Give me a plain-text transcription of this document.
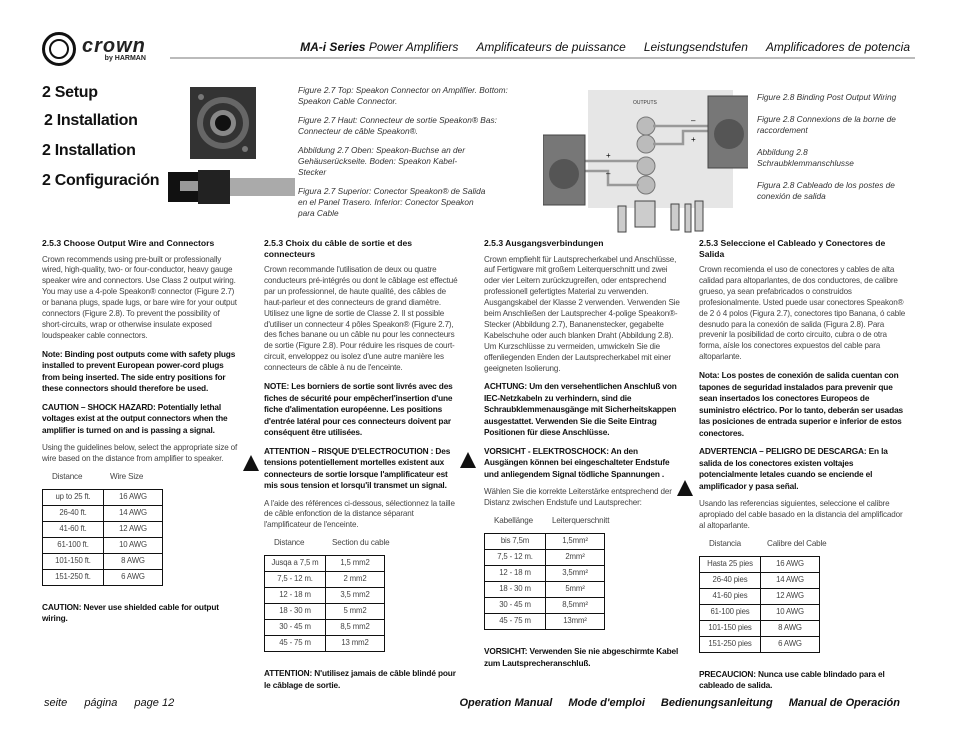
crown
by HARMAN
MA-i Series Power Amplifiers Amplificateurs de puissance Leistungsendstufen Amplificadores de potencia
2 Setup
2 Installation
2 Installation
2 Configuración
Figure 2.7 Top: Speakon Connector on Amplifier. Bottom: Speakon Cable Connector.
Figure 2.7 Haut: Connecteur de sortie Speakon® Bas: Connecteur de câble Speakon®.
Abbildung 2.7 Oben: Speakon-Buchse an der Gehäuserückseite. Boden: Speakon Kabel-Stecker
Figura 2.7 Superior: Conector Speakon® de Salida en el Panel Trasero. Inferior: Conector Speakon para Cable
OUTPUTS
+
–
–
+
Figure 2.8 Binding Post Output Wiring
Figure 2.8 Connexions de la borne de raccordement
Abbildung 2.8 Schraubklemmanschlusse
Figura 2.8 Cableado de los postes de conexión de salida
2.5.3 Choose Output Wire and Connectors

Crown recommends using pre-built or professionally wired, high-quality, two- or four-conductor, heavy gauge speaker wire and connectors. Use Class 2 output wiring. You may use a 4-pole Speakon® connector (Figure 2.7) or banana plugs, spade lugs, or bare wire for your output connectors (Figure 2.8). To prevent the possibility of short-circuits, wrap or otherwise insulate exposed loudspeaker cable connectors.

Note: Binding post outputs come with safety plugs installed to prevent European power-cord plugs from being inserted. The side entry positions for these connectors should therefore be used.

CAUTION – SHOCK HAZARD: Potentially lethal voltages exist at the output connectors when the amplifier is turned on and is passing a signal.

Using the guidelines below, select the appropriate size of wire based on the distance from amplifier to speaker.

Distance	Wire Size
up to 25 ft.	16 AWG
26-40 ft.	14 AWG
41-60 ft.	12 AWG
61-100 ft.	10 AWG
101-150 ft.	8 AWG
151-250 ft.	6 AWG

CAUTION: Never use shielded cable for output wiring.

2.5.3 Choix du câble de sortie et des connecteurs

Crown recommande l'utilisation de deux ou quatre conducteurs pré-intégrés ou dont le câblage est effectué par un professionnel, de haute qualité, des câbles de haut-parleur et des connecteurs de grand diamètre. Utilisez une ligne de sortie de Classe 2. Il st possible d'utiliser un connecteur 4 pôles Speakon® (Figure 2.7), des fiches banane ou un câble nu pour les connecteurs de sortie (Figure 2.8). Pour réduire les risques de court-circuit, enveloppez ou isolez d'une autre manière les connecteurs de câble à nu de l'enceinte.

NOTE: Les borniers de sortie sont livrés avec des fiches de sécurité pour empêcherl'insertion d'une fiche d'alimentation européenne. Les positions d'entrée latéral pour ces connecteurs doivent par conséquent être utilisées.

ATTENTION – RISQUE D'ELECTROCUTION : Des tensions potentiellement mortelles existent aux connecteurs de sortie lorsque l'amplificateur est mis sous tension et lorsqu'il transmet un signal.

A l'aide des références ci-dessous, sélectionnez la taille de câble enfonction de la distance séparant l'amplificateur de l'enceinte.

Distance	Section du cable
Jusqa a 7,5 m	1,5 mm2
7,5 - 12 m.	2 mm2
12 - 18 m	3,5 mm2
18 - 30 m	5 mm2
30 - 45 m	8,5 mm2
45 - 75 m	13 mm2

ATTENTION: N'utilisez jamais de câble blindé pour le câblage de sortie.

2.5.3 Ausgangsverbindungen

Crown empfiehlt für Lautsprecherkabel und Anschlüsse, auf Fertigware mit großem Leiterquerschnitt und zwei oder vier Leitern zurückzugreifen, oder entsprechend professionell gefertigtes Material zu verwenden. Ausgangskabel der Klasse 2 verwenden. Verwenden Sie beim Anschließen der Lautsprecher 4-polige Speakon®-Stecker (Abbildung 2.7), Bananenstecker, gegabelte Kabelschuhe oder auch blanken Draht (Abbildung 2.8). Um Kurzschlüsse zu vermeiden, umwickeln Sie die offenliegenden Enden der Lautsprecherkabel mit einer geeigneten Isolierung.

ACHTUNG: Um den versehentlichen Anschluß von IEC-Netzkabeln zu verhindern, sind die Schraubklemmenausgänge mit Sicherheitskappen ausgestattet. Verwenden Sie die Seite Eintrag Positionen für diese Anschlüsse.

VORSICHT - ELEKTROSCHOCK: An den Ausgängen können bei eingeschalteter Endstufe und anliegendem Signal tödliche Spannungen .

Wählen Sie die korrekte Leiterstärke entsprechend der Distanz zwischen Endstufe und Lautsprecher:

Kabellänge	Leiterquerschnitt
bis 7,5m	1,5mm²
7,5 - 12 m.	2mm²
12 - 18 m	3,5mm²
18 - 30 m	5mm²
30 - 45 m	8,5mm²
45 - 75 m	13mm²

VORSICHT: Verwenden Sie nie abgeschirmte Kabel zum Lautsprecheranschluß.

2.5.3 Seleccione el Cableado y Conectores de Salida

Crown recomienda el uso de conectores y cables de alta calidad para altoparlantes, de dos conductores, de calibre grueso, ya sean prefabricados o construidos profesionalmente. Usted puede usar conectores Speakon® de 2 ó 4 polos (Figura 2.7), conectores tipo Banana, ó cable desnudo para la conexión de salida (Figura 2.8). Para prevenir la posibilidad de corto circuito, cubra o de otra forma, aísle los conectores expuestos del cable para altoparlante.

Nota: Los postes de conexión de salida cuentan con tapones de seguridad instalados para prevenir que sean insertados los conectores Europeos de suministro eléctrico. Por lo tanto, deberán ser usadas las posiciones de entrada superior e inferior de estos conectores.

ADVERTENCIA – PELIGRO DE DESCARGA: En la salida de los conectores existen voltajes potencialmente letales cuando se enciende el amplificador y pasa señal.

Usando las referencias siguientes, seleccione el calibre apropiado del cable basado en la distancia del amplificador al altoparlante.

Distancia	Calibre del Cable
Hasta 25 pies	16 AWG
26-40 pies	14 AWG
41-60 pies	12 AWG
61-100 pies	10 AWG
101-150 pies	8 AWG
151-250 pies	6 AWG

PRECAUCION: Nunca use cable blindado para el cableado de salida.

seite página page 12	Operation Manual Mode d'emploi Bedienungsanleitung Manual de Operación
